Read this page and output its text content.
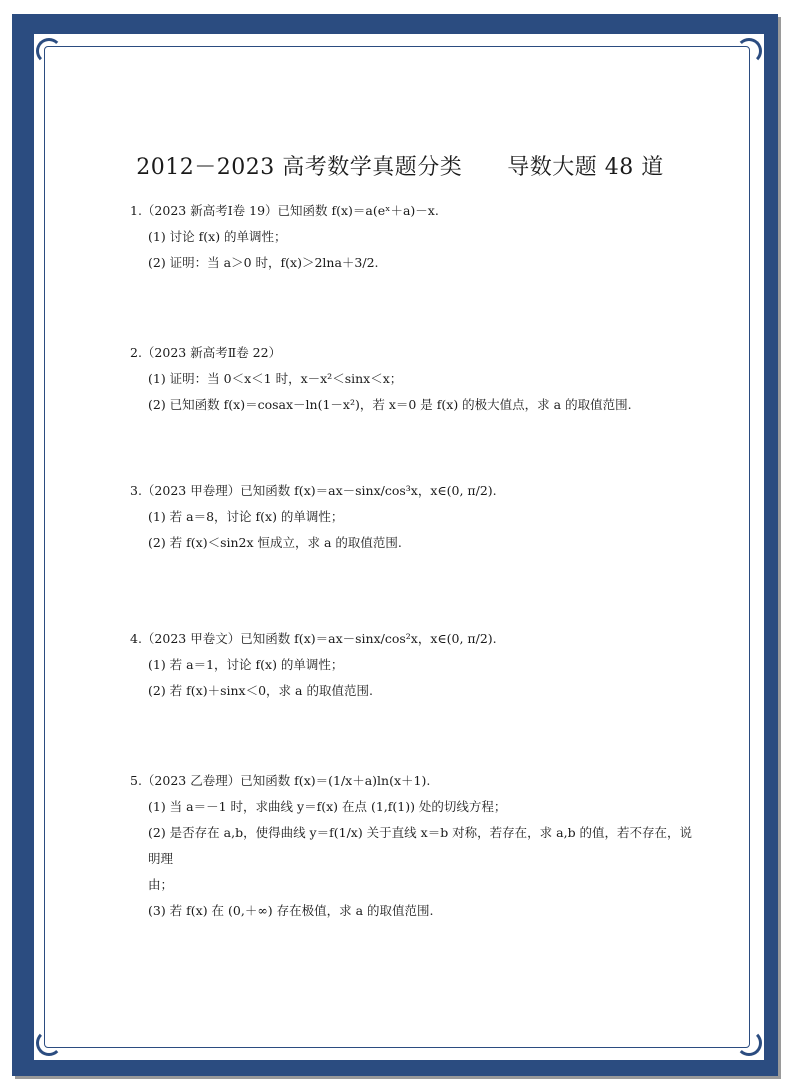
2012－2023 高考数学真题分类　　导数大题 48 道
1.（2023 新高考Ⅰ卷 19）已知函数 f(x)＝a(eˣ＋a)－x.
(1) 讨论 f(x) 的单调性；
(2) 证明：当 a＞0 时，f(x)＞2lna＋3/2.
2.（2023 新高考Ⅱ卷 22）
(1) 证明：当 0＜x＜1 时，x－x²＜sinx＜x；
(2) 已知函数 f(x)＝cosax－ln(1－x²)，若 x＝0 是 f(x) 的极大值点，求 a 的取值范围.
3.（2023 甲卷理）已知函数 f(x)＝ax－sinx/cos³x，x∈(0, π/2).
(1) 若 a＝8，讨论 f(x) 的单调性；
(2) 若 f(x)＜sin2x 恒成立，求 a 的取值范围.
4.（2023 甲卷文）已知函数 f(x)＝ax－sinx/cos²x，x∈(0, π/2).
(1) 若 a＝1，讨论 f(x) 的单调性；
(2) 若 f(x)＋sinx＜0，求 a 的取值范围.
5.（2023 乙卷理）已知函数 f(x)＝(1/x＋a)ln(x＋1).
(1) 当 a＝－1 时，求曲线 y＝f(x) 在点 (1,f(1)) 处的切线方程；
(2) 是否存在 a,b，使得曲线 y＝f(1/x) 关于直线 x＝b 对称，若存在，求 a,b 的值，若不存在，说明理
由；
(3) 若 f(x) 在 (0,＋∞) 存在极值，求 a 的取值范围.
